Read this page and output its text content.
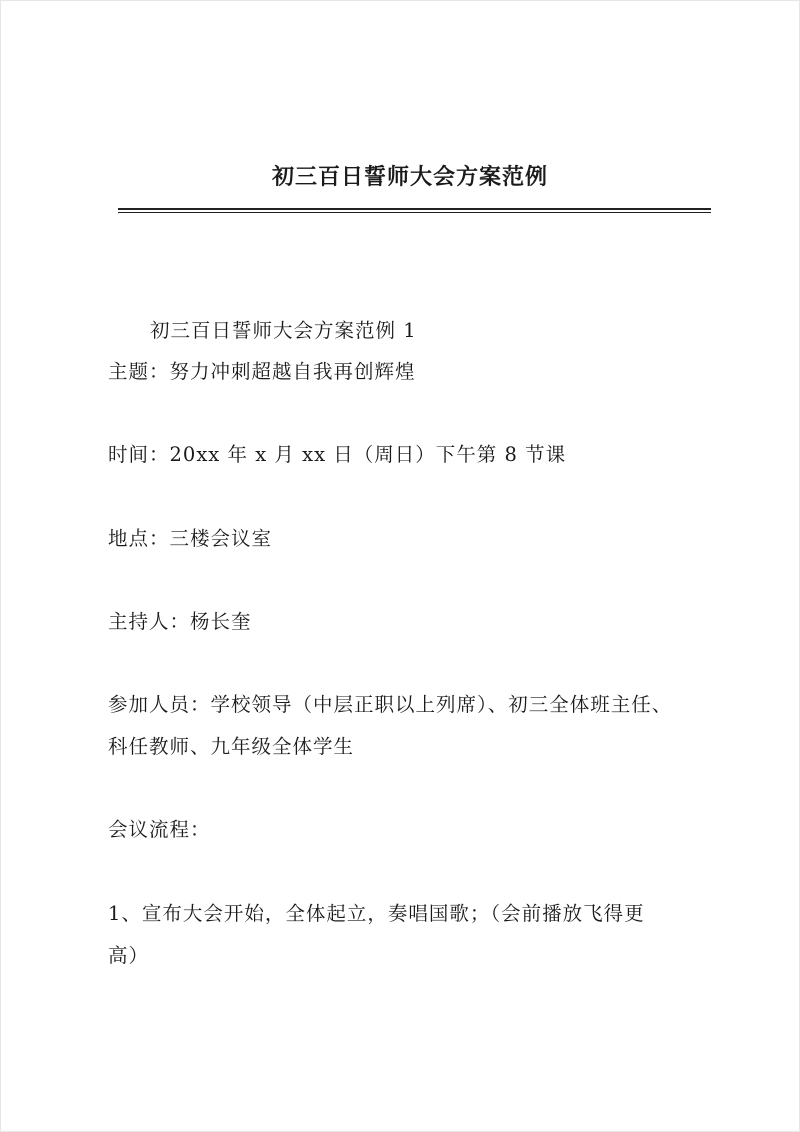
初三百日誓师大会方案范例
初三百日誓师大会方案范例 1
主题：努力冲刺超越自我再创辉煌
时间：20xx 年 x 月 xx 日（周日）下午第 8 节课
地点：三楼会议室
主持人：杨长奎
参加人员：学校领导（中层正职以上列席）、初三全体班主任、
科任教师、九年级全体学生
会议流程：
1、宣布大会开始，全体起立，奏唱国歌；（会前播放飞得更
高）
